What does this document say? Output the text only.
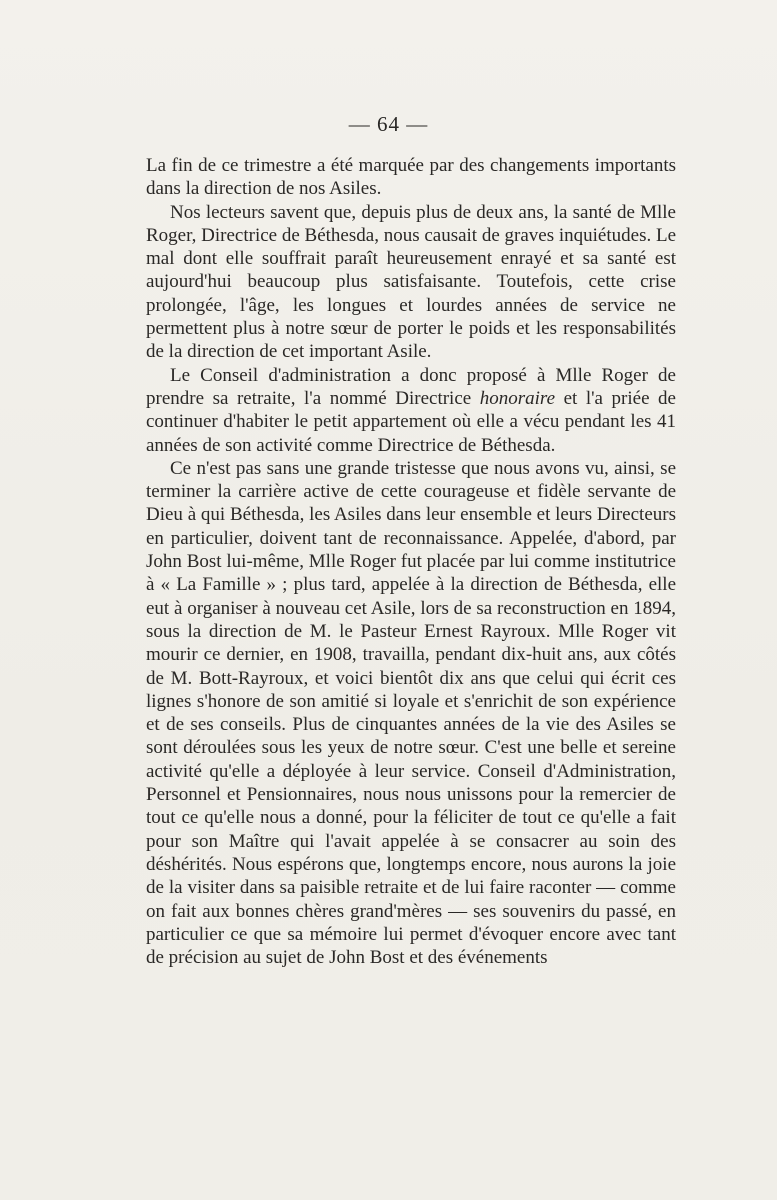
— 64 —

La fin de ce trimestre a été marquée par des changements importants dans la direction de nos Asiles.

Nos lecteurs savent que, depuis plus de deux ans, la santé de Mlle Roger, Directrice de Béthesda, nous causait de graves inquiétudes. Le mal dont elle souffrait paraît heureusement enrayé et sa santé est aujourd'hui beaucoup plus satisfaisante. Toutefois, cette crise prolongée, l'âge, les longues et lourdes années de service ne permettent plus à notre sœur de porter le poids et les responsabilités de la direction de cet important Asile.

Le Conseil d'administration a donc proposé à Mlle Roger de prendre sa retraite, l'a nommé Directrice honoraire et l'a priée de continuer d'habiter le petit appartement où elle a vécu pendant les 41 années de son activité comme Directrice de Béthesda.

Ce n'est pas sans une grande tristesse que nous avons vu, ainsi, se terminer la carrière active de cette courageuse et fidèle servante de Dieu à qui Béthesda, les Asiles dans leur ensemble et leurs Directeurs en particulier, doivent tant de reconnaissance. Appelée, d'abord, par John Bost lui-même, Mlle Roger fut placée par lui comme institutrice à « La Famille » ; plus tard, appelée à la direction de Béthesda, elle eut à organiser à nouveau cet Asile, lors de sa reconstruction en 1894, sous la direction de M. le Pasteur Ernest Rayroux. Mlle Roger vit mourir ce dernier, en 1908, travailla, pendant dix-huit ans, aux côtés de M. Bott-Rayroux, et voici bientôt dix ans que celui qui écrit ces lignes s'honore de son amitié si loyale et s'enrichit de son expérience et de ses conseils. Plus de cinquantes années de la vie des Asiles se sont déroulées sous les yeux de notre sœur. C'est une belle et sereine activité qu'elle a déployée à leur service. Conseil d'Administration, Personnel et Pensionnaires, nous nous unissons pour la remercier de tout ce qu'elle nous a donné, pour la féliciter de tout ce qu'elle a fait pour son Maître qui l'avait appelée à se consacrer au soin des déshérités. Nous espérons que, longtemps encore, nous aurons la joie de la visiter dans sa paisible retraite et de lui faire raconter — comme on fait aux bonnes chères grand'mères — ses souvenirs du passé, en particulier ce que sa mémoire lui permet d'évoquer encore avec tant de précision au sujet de John Bost et des événements
